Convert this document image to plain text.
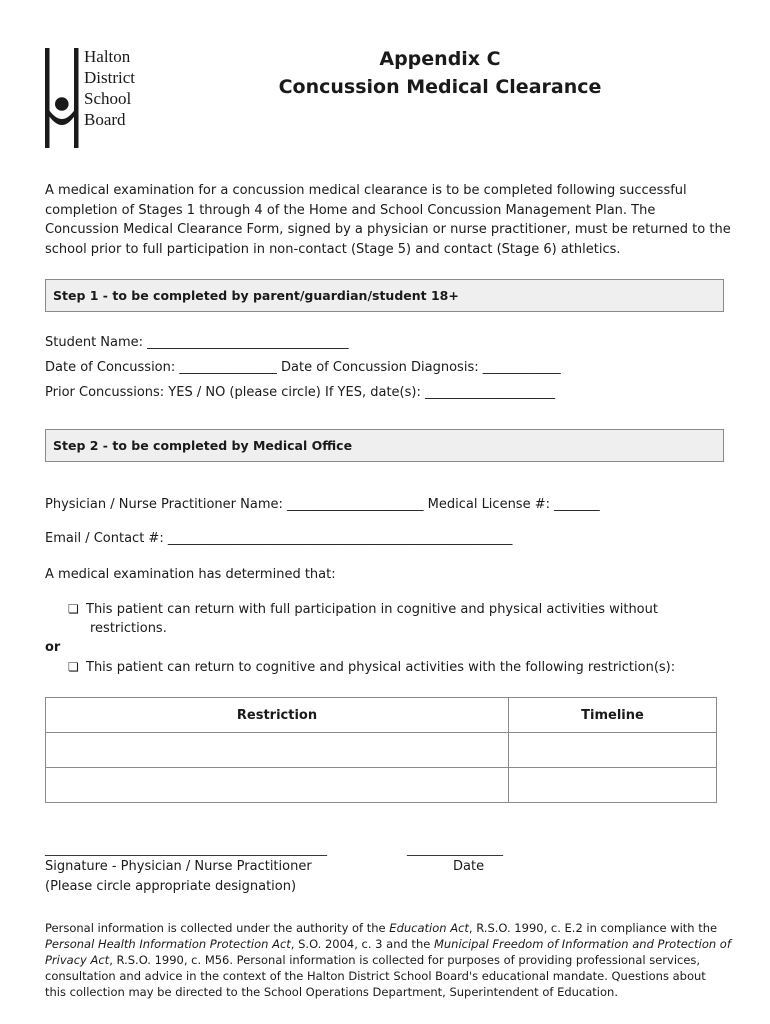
Halton
District
School
Board
Appendix C
Concussion Medical Clearance
A medical examination for a concussion medical clearance is to be completed following successful
completion of Stages 1 through 4 of the Home and School Concussion Management Plan. The
Concussion Medical Clearance Form, signed by a physician or nurse practitioner, must be returned to the
school prior to full participation in non-contact (Stage 5) and contact (Stage 6) athletics.
Step 1 - to be completed by parent/guardian/student 18+
Student Name: _______________________________
Date of Concussion: _______________ Date of Concussion Diagnosis: ____________
Prior Concussions: YES / NO (please circle) If YES, date(s): ____________________
Step 2 - to be completed by Medical Office
Physician / Nurse Practitioner Name: _____________________ Medical License #: _______
Email / Contact #: _____________________________________________________
A medical examination has determined that:
❏ This patient can return with full participation in cognitive and physical activities without
restrictions.
or
❏ This patient can return to cognitive and physical activities with the following restriction(s):
Restriction	Timeline

_______________________________________________	________________
Signature - Physician / Nurse Practitioner
(Please circle appropriate designation)
Date
Personal information is collected under the authority of the Education Act, R.S.O. 1990, c. E.2 in compliance with the
Personal Health Information Protection Act, S.O. 2004, c. 3 and the Municipal Freedom of Information and Protection of
Privacy Act, R.S.O. 1990, c. M56. Personal information is collected for purposes of providing professional services,
consultation and advice in the context of the Halton District School Board's educational mandate. Questions about
this collection may be directed to the School Operations Department, Superintendent of Education.
